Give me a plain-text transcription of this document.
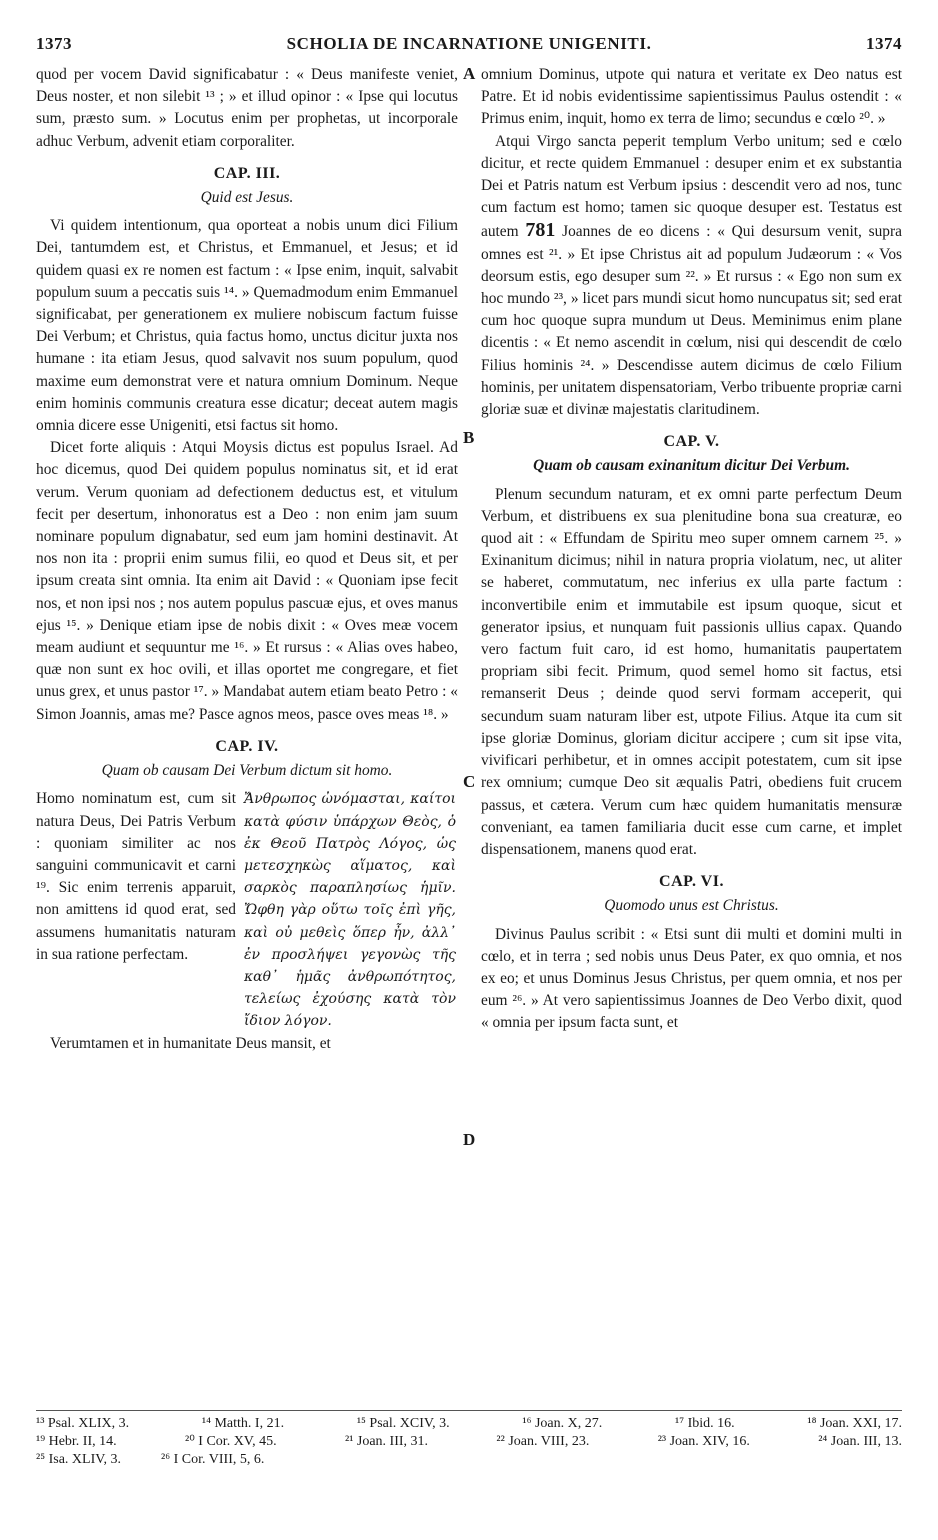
1373	SCHOLIA DE INCARNATIONE UNIGENITI.	1374
A
B
C
D

quod per vocem David significabatur : « Deus manifeste veniet, Deus noster, et non silebit ¹³ ; » et illud opinor : « Ipse qui locutus sum, præsto sum. » Locutus enim per prophetas, ut incorporale adhuc Verbum, advenit etiam corporaliter.

CAP. III.
Quid est Jesus.

Vi quidem intentionum, qua oporteat a nobis unum dici Filium Dei, tantumdem est, et Christus, et Emmanuel, et Jesus; et id quidem quasi ex re nomen est factum : « Ipse enim, inquit, salvabit populum suum a peccatis suis ¹⁴. » Quemadmodum enim Emmanuel significabat, per generationem ex muliere nobiscum factum fuisse Dei Verbum; et Christus, quia factus homo, unctus dicitur juxta nos humane : ita etiam Jesus, quod salvavit nos suum populum, quod maxime eum demonstrat vere et natura omnium Dominum. Neque enim hominis communis creatura esse dicatur; deceat autem magis omnia dicere esse Unigeniti, etsi factus sit homo.

Dicet forte aliquis : Atqui Moysis dictus est populus Israel. Ad hoc dicemus, quod Dei quidem populus nominatus sit, et id erat verum. Verum quoniam ad defectionem deductus est, et vitulum fecit per desertum, inhonoratus est a Deo : non enim jam suum nominare populum dignabatur, sed eum jam homini destinavit. At nos non ita : proprii enim sumus filii, eo quod et Deus sit, et per ipsum creata sint omnia. Ita enim ait David : « Quoniam ipse fecit nos, et non ipsi nos ; nos autem populus pascuæ ejus, et oves manus ejus ¹⁵. » Denique etiam ipse de nobis dixit : « Oves meæ vocem meam audiunt et sequuntur me ¹⁶. » Et rursus : « Alias oves habeo, quæ non sunt ex hoc ovili, et illas oportet me congregare, et fiet unus grex, et unus pastor ¹⁷. » Mandabat autem etiam beato Petro : « Simon Joannis, amas me? Pasce agnos meos, pasce oves meas ¹⁸. »

CAP. IV.
Quam ob causam Dei Verbum dictum sit homo.
Homo nominatum est, cum sit natura Deus, Dei Patris Verbum : quoniam similiter ac nos sanguini communicavit et carni ¹⁹. Sic enim terrenis apparuit, non amittens id quod erat, sed assumens humanitatis naturam in sua ratione perfectam.
Ἄνθρωπος ὠνόμασται, καίτοι κατὰ φύσιν ὑπάρχων Θεὸς, ὁ ἐκ Θεοῦ Πατρὸς Λόγος, ὡς μετεσχηκὼς αἵματος, καὶ σαρκὸς παραπλησίως ἡμῖν. Ὤφθη γὰρ οὕτω τοῖς ἐπὶ γῆς, καὶ οὐ μεθεὶς ὅπερ ἦν, ἀλλ᾽ ἐν προσλήψει γεγονὼς τῆς καθ᾽ ἡμᾶς ἀνθρωπότητος, τελείως ἐχούσης κατὰ τὸν ἴδιον λόγον.

Verumtamen et in humanitate Deus mansit, et

omnium Dominus, utpote qui natura et veritate ex Deo natus est Patre. Et id nobis evidentissime sapientissimus Paulus ostendit : « Primus enim, inquit, homo ex terra de limo; secundus e cœlo ²⁰. »

Atqui Virgo sancta peperit templum Verbo unitum; sed e cœlo dicitur, et recte quidem Emmanuel : desuper enim et ex substantia Dei et Patris natum est Verbum ipsius : descendit vero ad nos, tunc cum factum est homo; tamen sic quoque desuper est. Testatus est autem 781 Joannes de eo dicens : « Qui desursum venit, supra omnes est ²¹. » Et ipse Christus ait ad populum Judæorum : « Vos deorsum estis, ego desuper sum ²². » Et rursus : « Ego non sum ex hoc mundo ²³, » licet pars mundi sicut homo nuncupatus sit; sed erat cum hoc quoque supra mundum ut Deus. Meminimus enim plane dicentis : « Et nemo ascendit in cœlum, nisi qui descendit de cœlo Filius hominis ²⁴. » Descendisse autem dicimus de cœlo Filium hominis, per unitatem dispensatoriam, Verbo tribuente propriæ carni gloriæ suæ et divinæ majestatis claritudinem.

CAP. V.
Quam ob causam exinanitum dicitur Dei Verbum.

Plenum secundum naturam, et ex omni parte perfectum Deum Verbum, et distribuens ex sua plenitudine bona sua creaturæ, eo quod ait : « Effundam de Spiritu meo super omnem carnem ²⁵. » Exinanitum dicimus; nihil in natura propria violatum, nec, ut aliter se haberet, commutatum, nec inferius ex ulla parte factum : inconvertibile enim et immutabile est ipsum quoque, sicut et generator ipsius, et nunquam fuit passionis ullius capax. Quando vero factum fuit caro, id est homo, humanitatis paupertatem propriam sibi fecit. Primum, quod semel homo sit factus, etsi remanserit Deus ; deinde quod servi formam acceperit, qui secundum suam naturam liber est, utpote Filius. Atque ita cum sit ipse gloriæ Dominus, gloriam dicitur accipere ; cum sit ipse vita, vivificari perhibetur, et in omnes accipit potestatem, cum sit ipse rex omnium; cumque Deo sit æqualis Patri, obediens fuit crucem passus, et cætera. Verum cum hæc quidem humanitatis mensuræ conveniant, ea tamen familiaria ducit esse cum carne, et implet dispensationem, manens quod erat.

CAP. VI.
Quomodo unus est Christus.

Divinus Paulus scribit : « Etsi sunt dii multi et domini multi in cœlo, et in terra ; sed nobis unus Deus Pater, ex quo omnia, et nos ex eo; et unus Dominus Jesus Christus, per quem omnia, et nos per eum ²⁶. » At vero sapientissimus Joannes de Deo Verbo dixit, quod « omnia per ipsum facta sunt, et

¹³ Psal. XLIX, 3.	¹⁴ Matth. I, 21.	¹⁵ Psal. XCIV, 3.	¹⁶ Joan. X, 27.	¹⁷ Ibid. 16.	¹⁸ Joan. XXI, 17.
¹⁹ Hebr. II, 14.	²⁰ I Cor. XV, 45.	²¹ Joan. III, 31.	²² Joan. VIII, 23.	²³ Joan. XIV, 16.	²⁴ Joan. III, 13.
²⁵ Isa. XLIV, 3.	²⁶ I Cor. VIII, 5, 6.
